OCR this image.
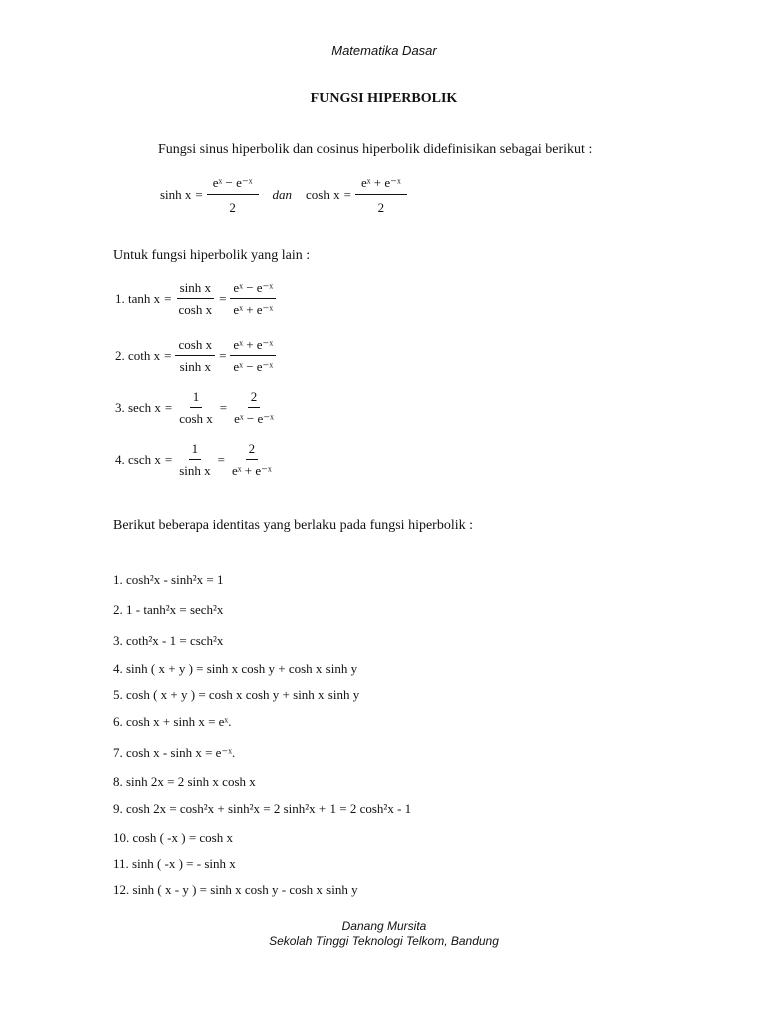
Matematika Dasar
FUNGSI HIPERBOLIK
Fungsi sinus hiperbolik dan cosinus hiperbolik didefinisikan sebagai berikut :
$\sinh x = \frac{\text{eˣ − e⁻ˣ}}{2}$ dan	$\cosh x = \frac{\text{eˣ + e⁻ˣ}}{2}$
Untuk fungsi hiperbolik yang lain :
1. $\tanh x = \frac{\text{sinh x}}{\text{cosh x}} = \frac{\text{eˣ − e⁻ˣ}}{\text{eˣ + e⁻ˣ}}$
2. coth $x = \frac{\text{cosh x}}{\text{sinh x}} = \frac{\text{eˣ + e⁻ˣ}}{\text{eˣ − e⁻ˣ}}$
3. sech $x = \frac{1}{\text{cosh x}} = \frac{2}{\text{eˣ − e⁻ˣ}}$
4. csch $x = \frac{1}{\text{sinh x}} = \frac{2}{\text{eˣ + e⁻ˣ}}$
Berikut beberapa identitas yang berlaku pada fungsi hiperbolik :
1. cosh²x - sinh²x = 1
2. 1 - tanh²x = sech²x
3. coth²x - 1 = csch²x
4. sinh ( x + y ) = sinh x cosh y + cosh x sinh y
5. cosh ( x + y ) = cosh x cosh y + sinh x sinh y
6. cosh x + sinh x = eˣ.
7. cosh x - sinh x = e⁻ˣ.
8. sinh 2x = 2 sinh x cosh x
9. cosh 2x = cosh²x + sinh²x = 2 sinh²x + 1 = 2 cosh²x - 1
10. cosh ( -x ) = cosh x
11. sinh ( -x ) = - sinh x
12. sinh ( x - y ) = sinh x cosh y - cosh x sinh y
Danang Mursita
Sekolah Tinggi Teknologi Telkom, Bandung
